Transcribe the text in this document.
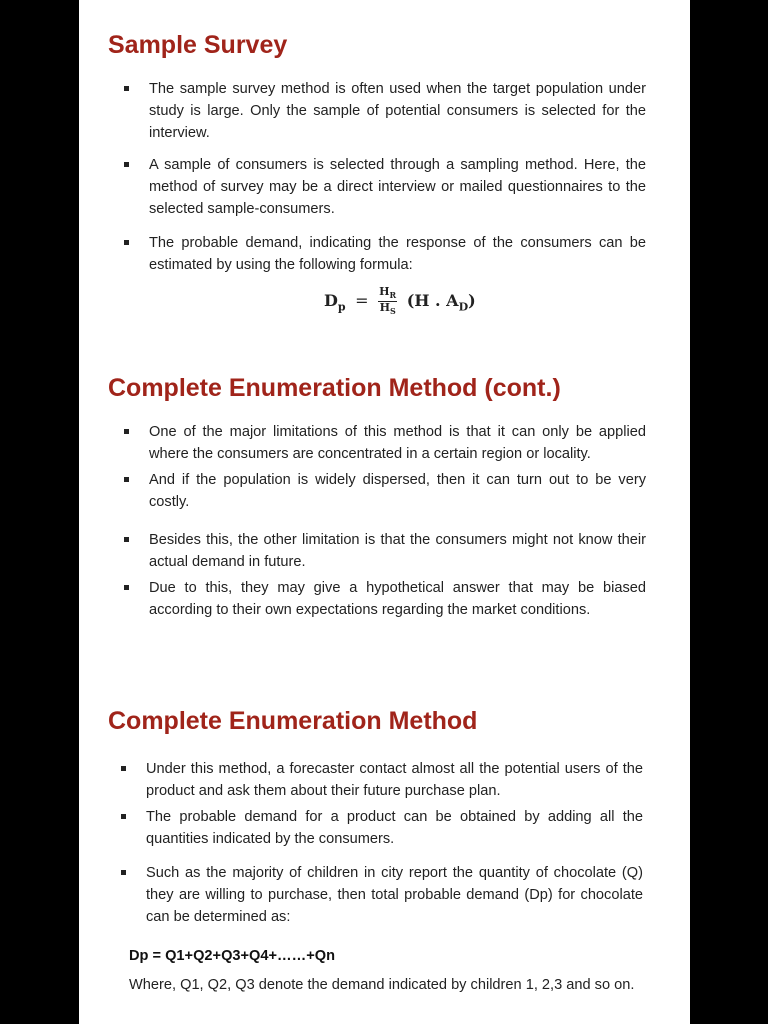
Sample Survey
The sample survey method is often used when the target population under study is large. Only the sample of potential consumers is selected for the interview.
A sample of consumers is selected through a sampling method. Here, the method of survey may be a direct interview or mailed questionnaires to the selected sample-consumers.
The probable demand, indicating the response of the consumers can be estimated by using the following formula:
$D_p = \frac{H_R}{H_S} (H$ . $A_D$)
Complete Enumeration Method (cont.)
One of the major limitations of this method is that it can only be applied where the consumers are concentrated in a certain region or locality.
And if the population is widely dispersed, then it can turn out to be very costly.
Besides this, the other limitation is that the consumers might not know their actual demand in future.
Due to this, they may give a hypothetical answer that may be biased according to their own expectations regarding the market conditions.
Complete Enumeration Method
Under this method, a forecaster contact almost all the potential users of the product and ask them about their future purchase plan.
The probable demand for a product can be obtained by adding all the quantities indicated by the consumers.
Such as the majority of children in city report the quantity of chocolate (Q) they are willing to purchase, then total probable demand (Dp) for chocolate can be determined as:
Dp = Q1+Q2+Q3+Q4+……+Qn
Where, Q1, Q2, Q3 denote the demand indicated by children 1, 2,3 and so on.
